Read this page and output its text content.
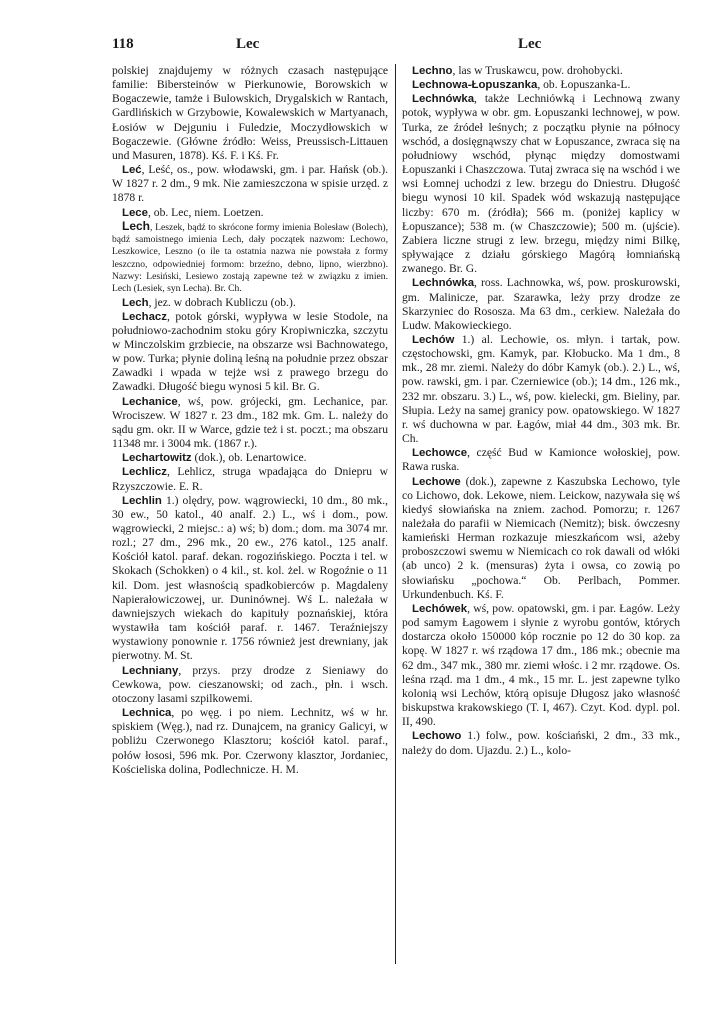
118	Lec	Lec

polskiej znajdujemy w różnych czasach następujące familie: Bibersteinów w Pierkunowie, Borowskich w Bogaczewie, tamże i Bulowskich, Drygalskich w Rantach, Gardlińskich w Grzybowie, Kowalewskich w Martyanach, Łosiów w Dejguniu i Fuledzie, Moczydłowskich w Bogaczewie. (Główne źródło: Weiss, Preussisch-Littauen und Masuren, 1878). Kś. F. i Kś. Fr.

Leć, Leść, os., pow. włodawski, gm. i par. Hańsk (ob.). W 1827 r. 2 dm., 9 mk. Nie zamieszczona w spisie urzęd. z 1878 r.

Lece, ob. Lec, niem. Loetzen.

Lech, Leszek, bądź to skrócone formy imienia Bolesław (Bolech), bądź samoistnego imienia Lech, dały początek nazwom: Lechowo, Leszkowice, Leszno (o ile ta ostatnia nazwa nie powstała z formy leszczno, odpowiedniej formom: brzeźno, debno, lipno, wierzbno). Nazwy: Lesiński, Lesiewo zostają zapewne też w związku z imien. Lech (Lesiek, syn Lecha). Br. Ch.

Lech, jez. w dobrach Kubliczu (ob.).

Lechacz, potok górski, wypływa w lesie Stodole, na południowo-zachodnim stoku góry Kropiwniczka, szczytu w Minczolskim grzbiecie, na obszarze wsi Bachnowatego, w pow. Turka; płynie doliną leśną na południe przez obszar Zawadki i wpada w tejże wsi z prawego brzegu do Zawadki. Długość biegu wynosi 5 kil. Br. G.

Lechanice, wś, pow. grójecki, gm. Lechanice, par. Wrociszew. W 1827 r. 23 dm., 182 mk. Gm. L. należy do sądu gm. okr. II w Warce, gdzie też i st. poczt.; ma obszaru 11348 mr. i 3004 mk. (1867 r.).

Lechartowitz (dok.), ob. Lenartowice.

Lechlicz, Lehlicz, struga wpadająca do Dniepru w Rzyszczowie. E. R.

Lechlin 1.) olędry, pow. wągrowiecki, 10 dm., 80 mk., 30 ew., 50 katol., 40 analf. 2.) L., wś i dom., pow. wągrowiecki, 2 miejsc.: a) wś; b) dom.; dom. ma 3074 mr. rozl.; 27 dm., 296 mk., 20 ew., 276 katol., 125 analf. Kościół katol. paraf. dekan. rogozińskiego. Poczta i tel. w Skokach (Schokken) o 4 kil., st. kol. żel. w Rogoźnie o 11 kil. Dom. jest własnością spadkobierców p. Magdaleny Napierałowiczowej, ur. Duninównej. Wś L. należała w dawniejszych wiekach do kapituły poznańskiej, która wystawiła tam kościół paraf. r. 1467. Teraźniejszy wystawiony ponownie r. 1756 również jest drewniany, jak pierwotny. M. St.

Lechniany, przys. przy drodze z Sieniawy do Cewkowa, pow. cieszanowski; od zach., płn. i wsch. otoczony lasami szpilkowemi.

Lechnica, po węg. i po niem. Lechnitz, wś w hr. spiskiem (Węg.), nad rz. Dunajcem, na granicy Galicyi, w pobliżu Czerwonego Klasztoru; kościół katol. paraf., połów łososi, 596 mk. Por. Czerwony klasztor, Jordaniec, Kościeliska dolina, Podlechnicze. H. M.

Lechno, las w Truskawcu, pow. drohobycki.

Lechnowa-Łopuszanka, ob. Łopuszanka-L.

Lechnówka, także Lechniówką i Lechnową zwany potok, wypływa w obr. gm. Łopuszanki lechnowej, w pow. Turka, ze źródeł leśnych; z początku płynie na północy wschód, a dosięgnąwszy chat w Łopuszance, zwraca się na południowy wschód, płynąc między domostwami Łopuszanki i Chaszczowa. Tutaj zwraca się na wschód i we wsi Łomnej uchodzi z lew. brzegu do Dniestru. Długość biegu wynosi 10 kil. Spadek wód wskazują następujące liczby: 670 m. (źródła); 566 m. (poniżej kaplicy w Łopuszance); 538 m. (w Chaszczowie); 500 m. (ujście). Zabiera liczne strugi z lew. brzegu, między nimi Bilkę, spływające z działu górskiego Magórą łomniańską zwanego. Br. G.

Lechnówka, ross. Lachnowka, wś, pow. proskurowski, gm. Malinicze, par. Szarawka, leży przy drodze ze Skarzyniec do Rososza. Ma 63 dm., cerkiew. Należała do Ludw. Makowieckiego.

Lechów 1.) al. Lechowie, os. młyn. i tartak, pow. częstochowski, gm. Kamyk, par. Kłobucko. Ma 1 dm., 8 mk., 28 mr. ziemi. Należy do dóbr Kamyk (ob.). 2.) L., wś, pow. rawski, gm. i par. Czerniewice (ob.); 14 dm., 126 mk., 232 mr. obszaru. 3.) L., wś, pow. kielecki, gm. Bieliny, par. Słupia. Leży na samej granicy pow. opatowskiego. W 1827 r. wś duchowna w par. Łagów, miał 44 dm., 303 mk. Br. Ch.

Lechowce, część Bud w Kamionce wołoskiej, pow. Rawa ruska.

Lechowe (dok.), zapewne z Kaszubska Lechowo, tyle co Lichowo, dok. Lekowe, niem. Leickow, nazywała się wś kiedyś słowiańska na zniem. zachod. Pomorzu; r. 1267 należała do parafii w Niemicach (Nemitz); bisk. ówczesny kamieński Herman rozkazuje mieszkańcom wsi, ażeby proboszczowi swemu w Niemicach co rok dawali od włóki (ab unco) 2 k. (mensuras) żyta i owsa, co zowią po słowiańsku „pochowa.“ Ob. Perlbach, Pommer. Urkundenbuch. Kś. F.

Lechówek, wś, pow. opatowski, gm. i par. Łagów. Leży pod samym Łagowem i słynie z wyrobu gontów, których dostarcza około 150000 kóp rocznie po 12 do 30 kop. za kopę. W 1827 r. wś rządowa 17 dm., 186 mk.; obecnie ma 62 dm., 347 mk., 380 mr. ziemi włośc. i 2 mr. rządowe. Os. leśna rząd. ma 1 dm., 4 mk., 15 mr. L. jest zapewne tylko kolonią wsi Lechów, którą opisuje Długosz jako własność biskupstwa krakowskiego (T. I, 467). Czyt. Kod. dypl. pol. II, 490.

Lechowo 1.) folw., pow. kościański, 2 dm., 33 mk., należy do dom. Ujazdu. 2.) L., kolo-
